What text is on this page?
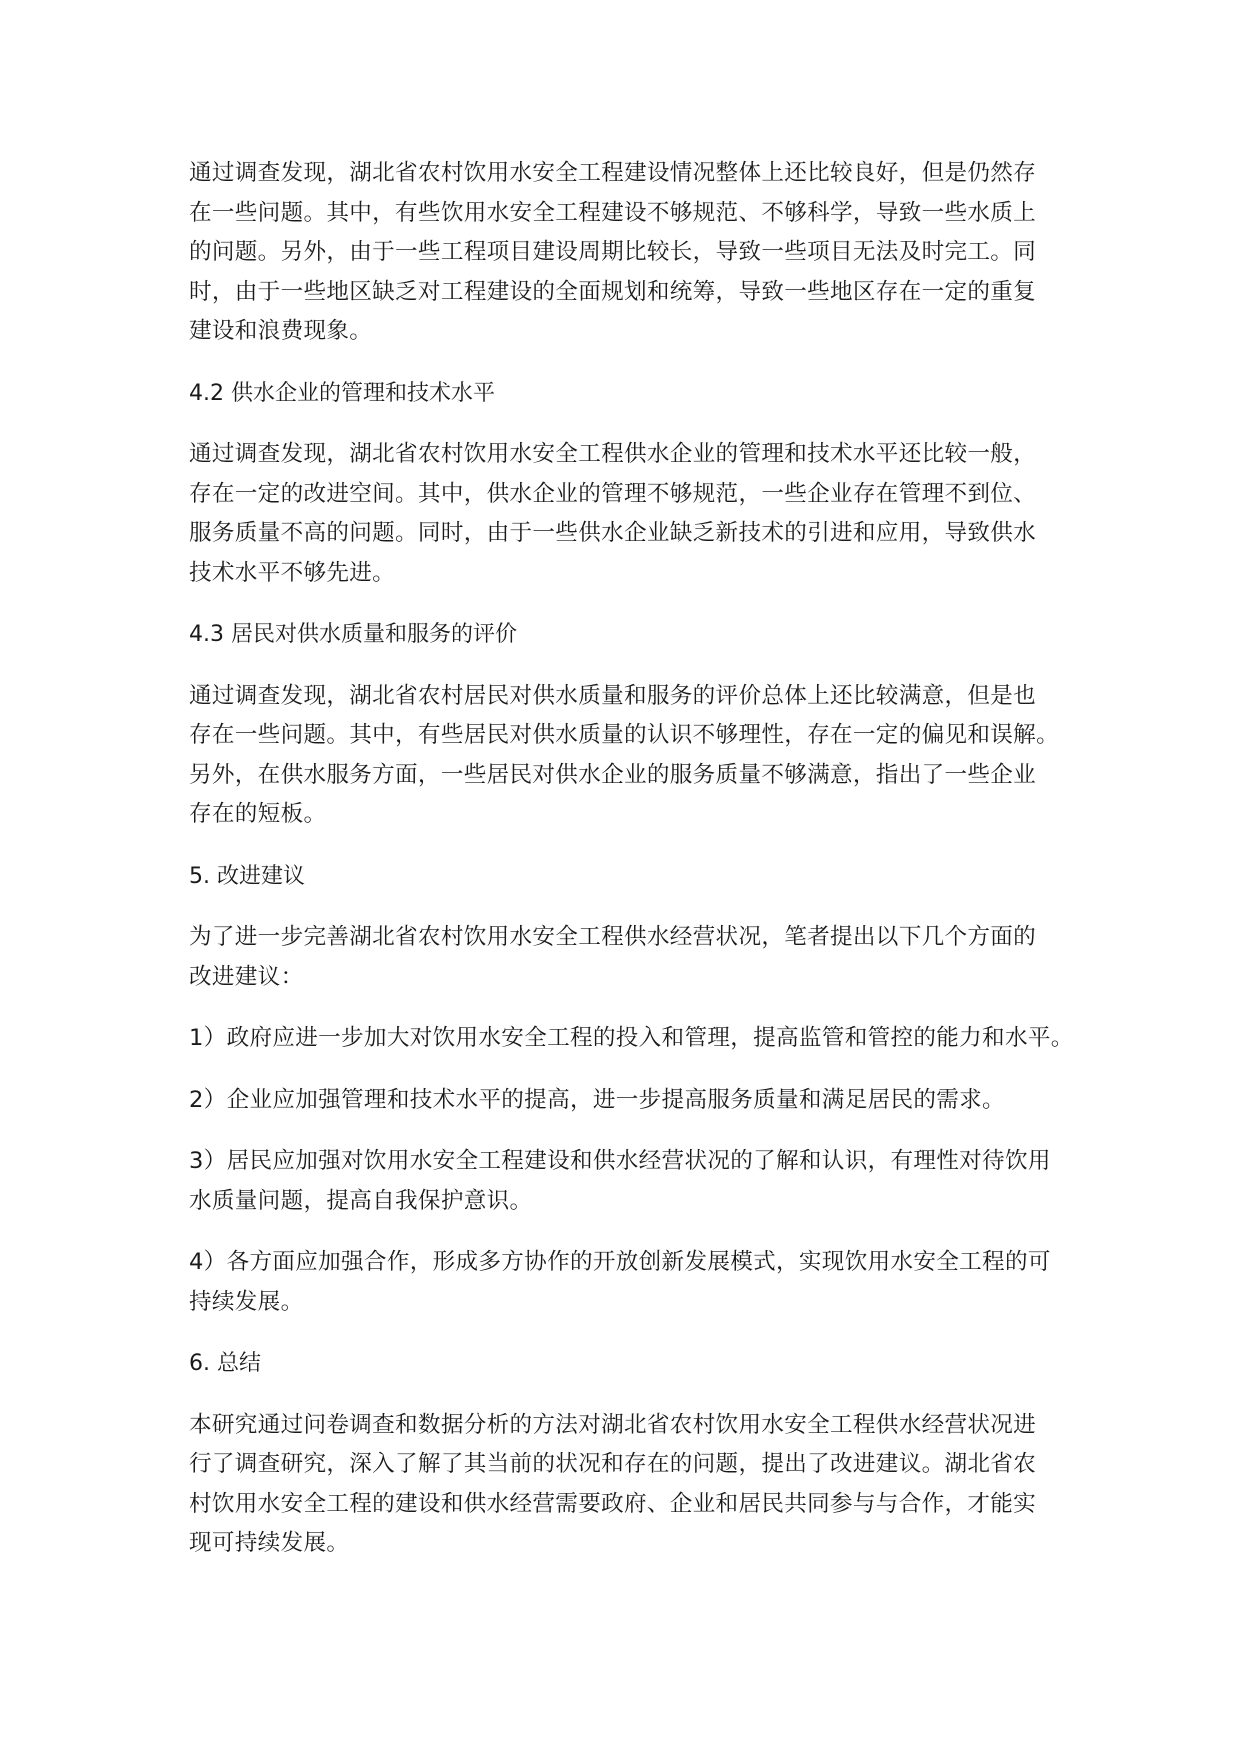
通过调查发现，湖北省农村饮用水安全工程建设情况整体上还比较良好，但是仍然存
在一些问题。其中，有些饮用水安全工程建设不够规范、不够科学，导致一些水质上
的问题。另外，由于一些工程项目建设周期比较长，导致一些项目无法及时完工。同
时，由于一些地区缺乏对工程建设的全面规划和统筹，导致一些地区存在一定的重复
建设和浪费现象。
4.2 供水企业的管理和技术水平
通过调查发现，湖北省农村饮用水安全工程供水企业的管理和技术水平还比较一般，
存在一定的改进空间。其中，供水企业的管理不够规范，一些企业存在管理不到位、
服务质量不高的问题。同时，由于一些供水企业缺乏新技术的引进和应用，导致供水
技术水平不够先进。
4.3 居民对供水质量和服务的评价
通过调查发现，湖北省农村居民对供水质量和服务的评价总体上还比较满意，但是也
存在一些问题。其中，有些居民对供水质量的认识不够理性，存在一定的偏见和误解。
另外，在供水服务方面，一些居民对供水企业的服务质量不够满意，指出了一些企业
存在的短板。
5. 改进建议
为了进一步完善湖北省农村饮用水安全工程供水经营状况，笔者提出以下几个方面的
改进建议：
1）政府应进一步加大对饮用水安全工程的投入和管理，提高监管和管控的能力和水平。
2）企业应加强管理和技术水平的提高，进一步提高服务质量和满足居民的需求。
3）居民应加强对饮用水安全工程建设和供水经营状况的了解和认识，有理性对待饮用
水质量问题，提高自我保护意识。
4）各方面应加强合作，形成多方协作的开放创新发展模式，实现饮用水安全工程的可
持续发展。
6. 总结
本研究通过问卷调查和数据分析的方法对湖北省农村饮用水安全工程供水经营状况进
行了调查研究，深入了解了其当前的状况和存在的问题，提出了改进建议。湖北省农
村饮用水安全工程的建设和供水经营需要政府、企业和居民共同参与与合作，才能实
现可持续发展。
